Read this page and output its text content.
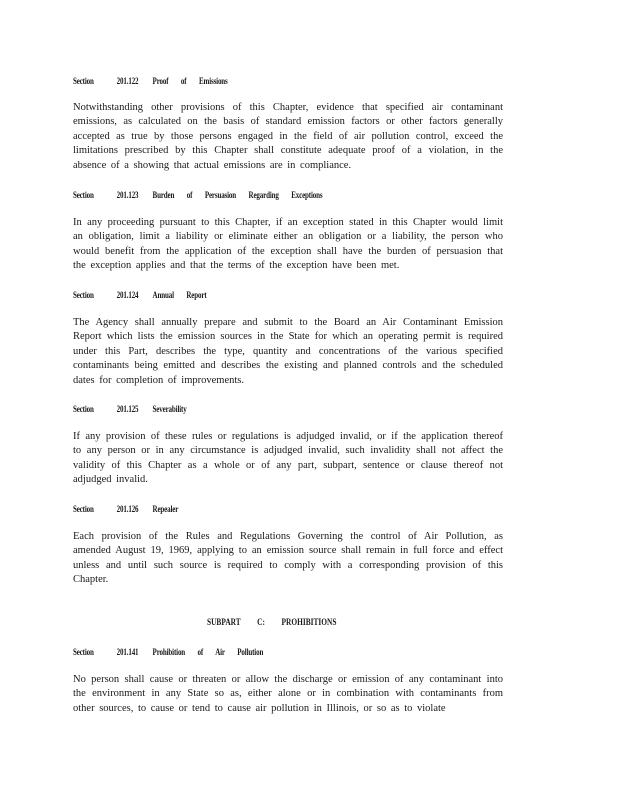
Section	201.122 Proof of Emissions
Notwithstanding other provisions of this Chapter, evidence that specified air contaminant emissions, as calculated on the basis of standard emission factors or other factors generally accepted as true by those persons engaged in the field of air pollution control, exceed the limitations prescribed by this Chapter shall constitute adequate proof of a violation, in the absence of a showing that actual emissions are in compliance.
Section	201.123 Burden of Persuasion Regarding Exceptions
In any proceeding pursuant to this Chapter, if an exception stated in this Chapter would limit an obligation, limit a liability or eliminate either an obligation or a liability, the person who would benefit from the application of the exception shall have the burden of persuasion that the exception applies and that the terms of the exception have been met.
Section	201.124 Annual Report
The Agency shall annually prepare and submit to the Board an Air Contaminant Emission Report which lists the emission sources in the State for which an operating permit is required under this Part, describes the type, quantity and concentrations of the various specified contaminants being emitted and describes the existing and planned controls and the scheduled dates for completion of improvements.
Section	201.125 Severability
If any provision of these rules or regulations is adjudged invalid, or if the application thereof to any person or in any circumstance is adjudged invalid, such invalidity shall not affect the validity of this Chapter as a whole or of any part, subpart, sentence or clause thereof not adjudged invalid.
Section	201.126 Repealer
Each provision of the Rules and Regulations Governing the control of Air Pollution, as amended August 19, 1969, applying to an emission source shall remain in full force and effect unless and until such source is required to comply with a corresponding provision of this Chapter.
SUBPART C: PROHIBITIONS
Section	201.141 Prohibition of Air Pollution
No person shall cause or threaten or allow the discharge or emission of any contaminant into the environment in any State so as, either alone or in combination with contaminants from other sources, to cause or tend to cause air pollution in Illinois, or so as to violate
